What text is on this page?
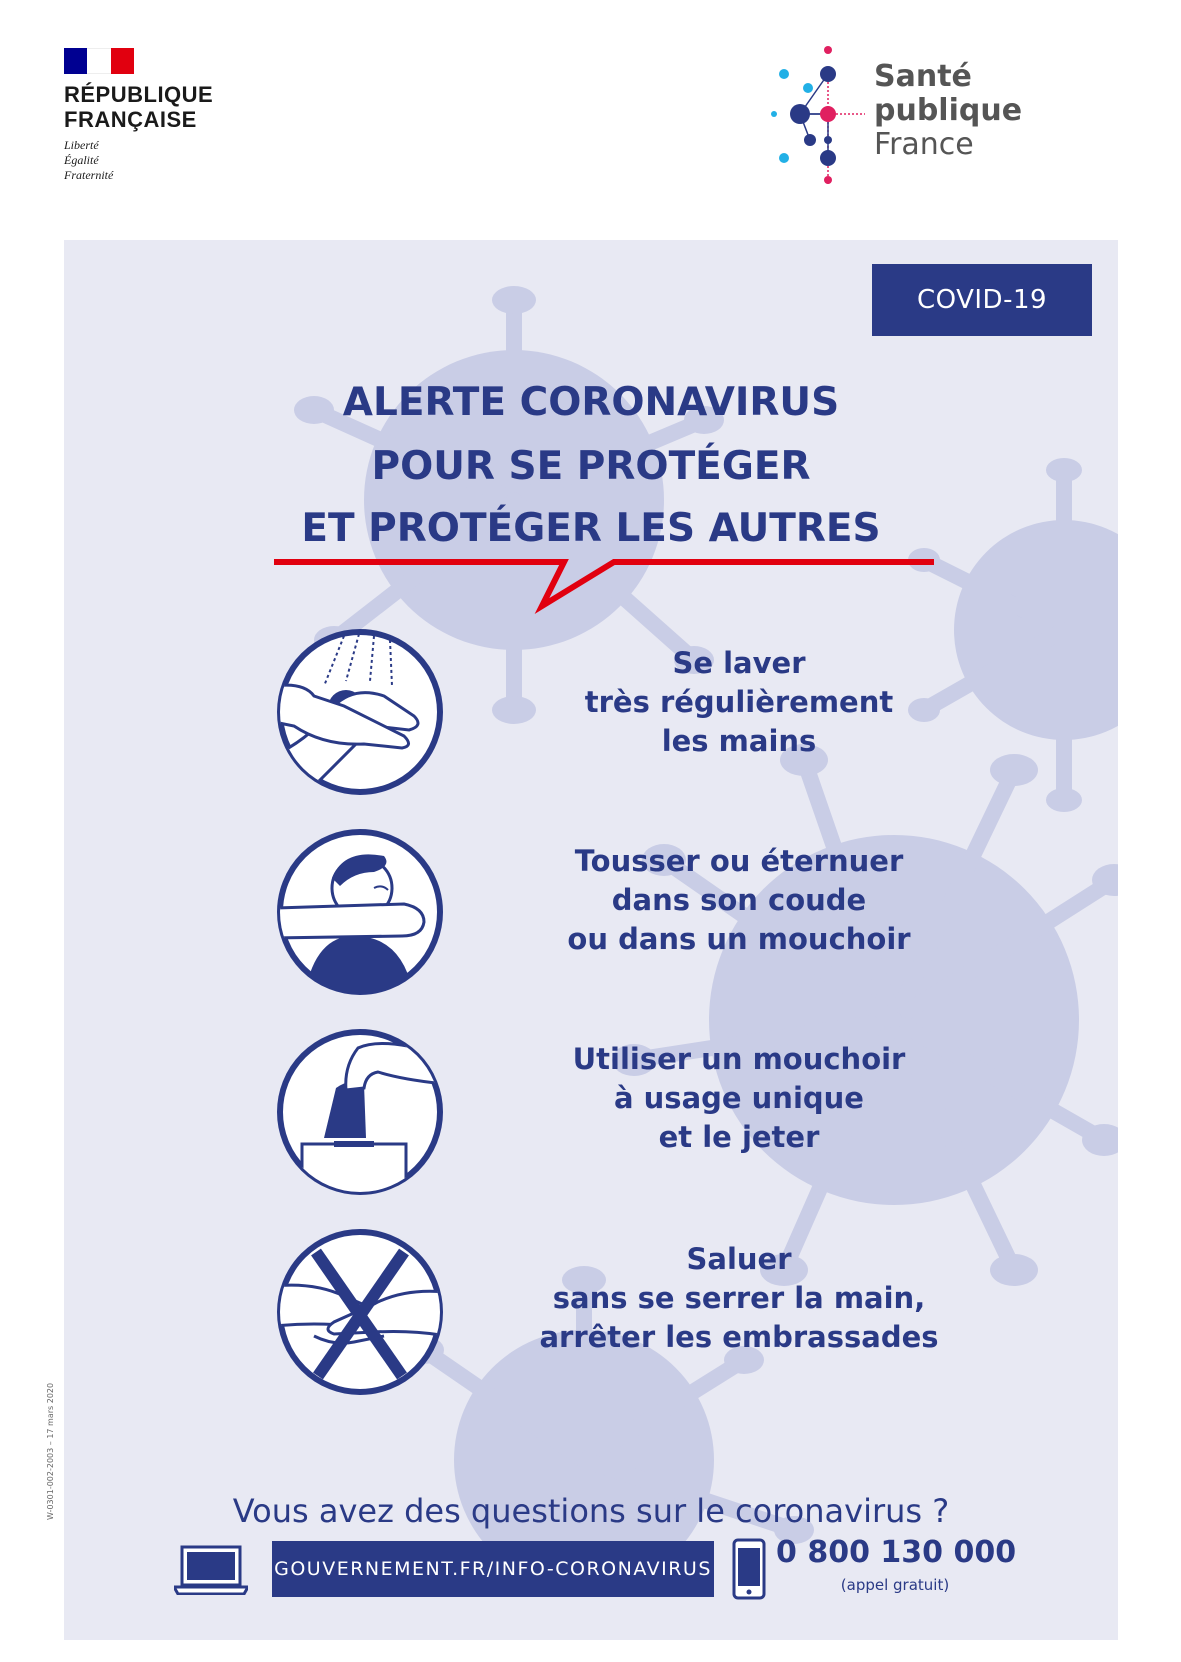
RÉPUBLIQUE
FRANÇAISE
Liberté
Égalité
Fraternité
Santé
publique
France
COVID-19
ALERTE CORONAVIRUS
POUR SE PROTÉGER
ET PROTÉGER LES AUTRES
Se laver
très régulièrement
les mains
Tousser ou éternuer
dans son coude
ou dans un mouchoir
Utiliser un mouchoir
à usage unique
et le jeter
Saluer
sans se serrer la main,
arrêter les embrassades
Vous avez des questions sur le coronavirus ?
GOUVERNEMENT.FR/INFO-CORONAVIRUS 0 800 130 000
(appel gratuit)
W-0301-002-2003 – 17 mars 2020
